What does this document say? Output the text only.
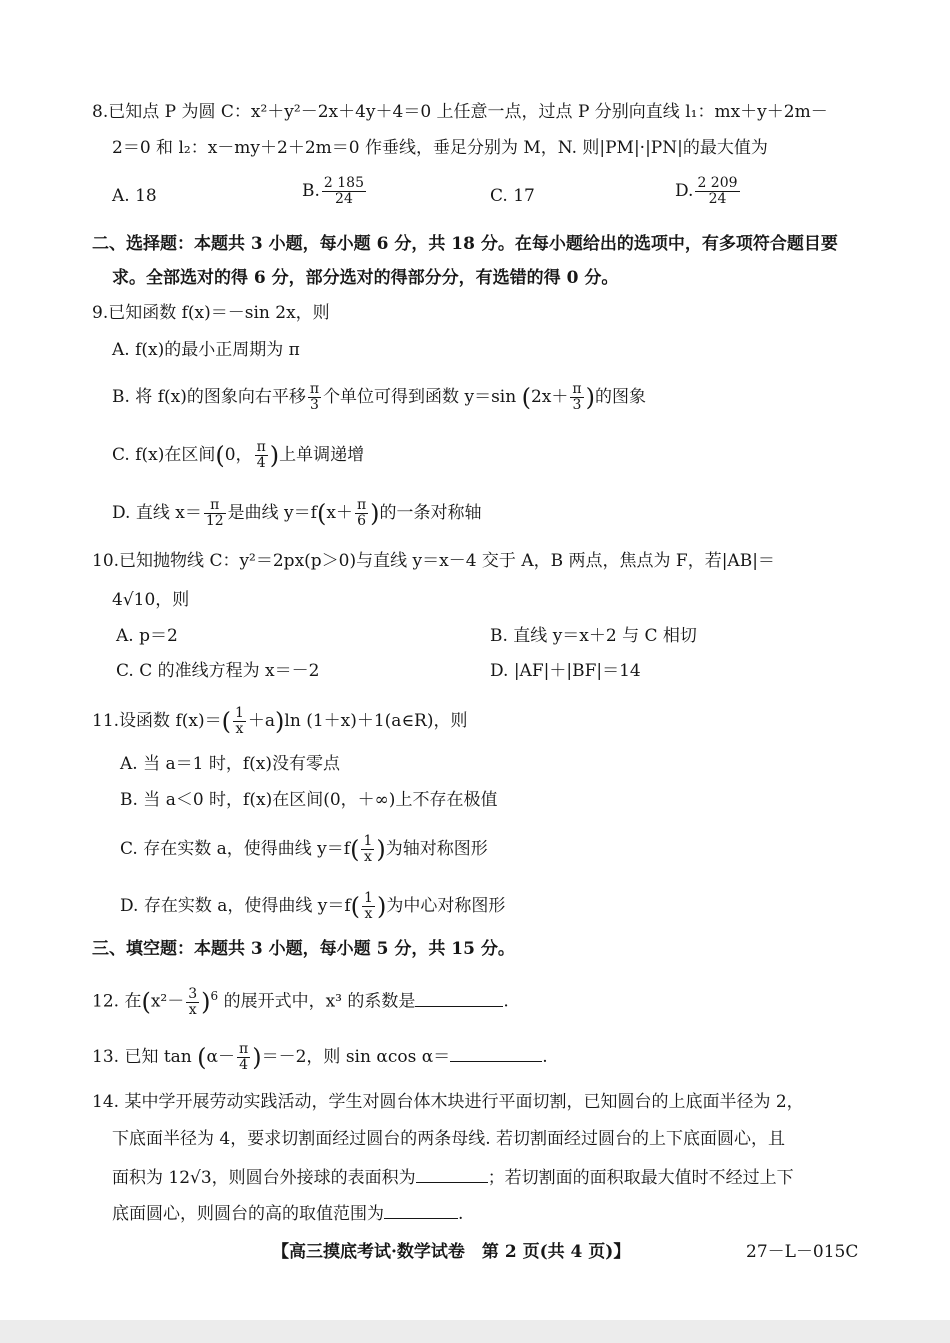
8.已知点 P 为圆 C：x²＋y²－2x＋4y＋4＝0 上任意一点，过点 P 分别向直线 l₁：mx＋y＋2m－
2＝0 和 l₂：x－my＋2＋2m＝0 作垂线，垂足分别为 M，N. 则|PM|·|PN|的最大值为
A. 18	B. $\frac{2 185}{24}$	C. 17	D. $\frac{2 209}{24}$
二、选择题：本题共 3 小题，每小题 6 分，共 18 分。在每小题给出的选项中，有多项符合题目要
求。全部选对的得 6 分，部分选对的得部分分，有选错的得 0 分。
9.已知函数 f(x)＝－sin 2x，则
A. f(x)的最小正周期为 π
B. 将 f(x)的图象向右平移 $\frac{\pi}{3}$ 个单位可得到函数 y＝sin ($2x+ \frac{\pi}{3}$ )的图象
C. f(x)在区间(0， $\frac{\pi}{4}$ )上单调递增
D. 直线 $x= \frac{\pi}{12}$ 是曲线 $y=f(x+ \frac{\pi}{6}$ )的一条对称轴
10.已知抛物线 C：y²＝2px(p＞0)与直线 y＝x－4 交于 A，B 两点，焦点为 F，若|AB|＝
4√10，则
A. p＝2	B. 直线 y＝x＋2 与 C 相切
C. C 的准线方程为 x＝－2	D. |AF|＋|BF|＝14
11.设函数 $f(x)=( \frac{1}{x} +a)\ln$ (1＋x)＋1(a∈R)，则
A. 当 a＝1 时，f(x)没有零点
B. 当 a＜0 时，f(x)在区间(0，＋∞)上不存在极值
C. 存在实数 a，使得曲线 $y=f( \frac{1}{x}$ )为轴对称图形
D. 存在实数 a，使得曲线 $y=f( \frac{1}{x}$ )为中心对称图形
三、填空题：本题共 3 小题，每小题 5 分，共 15 分。
12. 在$(x^2- \frac{3}{x} )^6$ 的展开式中，x³ 的系数是	.
13. 已知 $\tan (\alpha- \frac{\pi}{4} )=-2$，则 sin αcos α＝	.
14. 某中学开展劳动实践活动，学生对圆台体木块进行平面切割，已知圆台的上底面半径为 2，
下底面半径为 4，要求切割面经过圆台的两条母线. 若切割面经过圆台的上下底面圆心，且
面积为 12√3，则圆台外接球的表面积为	；若切割面的面积取最大值时不经过上下
底面圆心，则圆台的高的取值范围为	.
【高三摸底考试·数学试卷　第 2 页(共 4 页)】	27－L－015C
